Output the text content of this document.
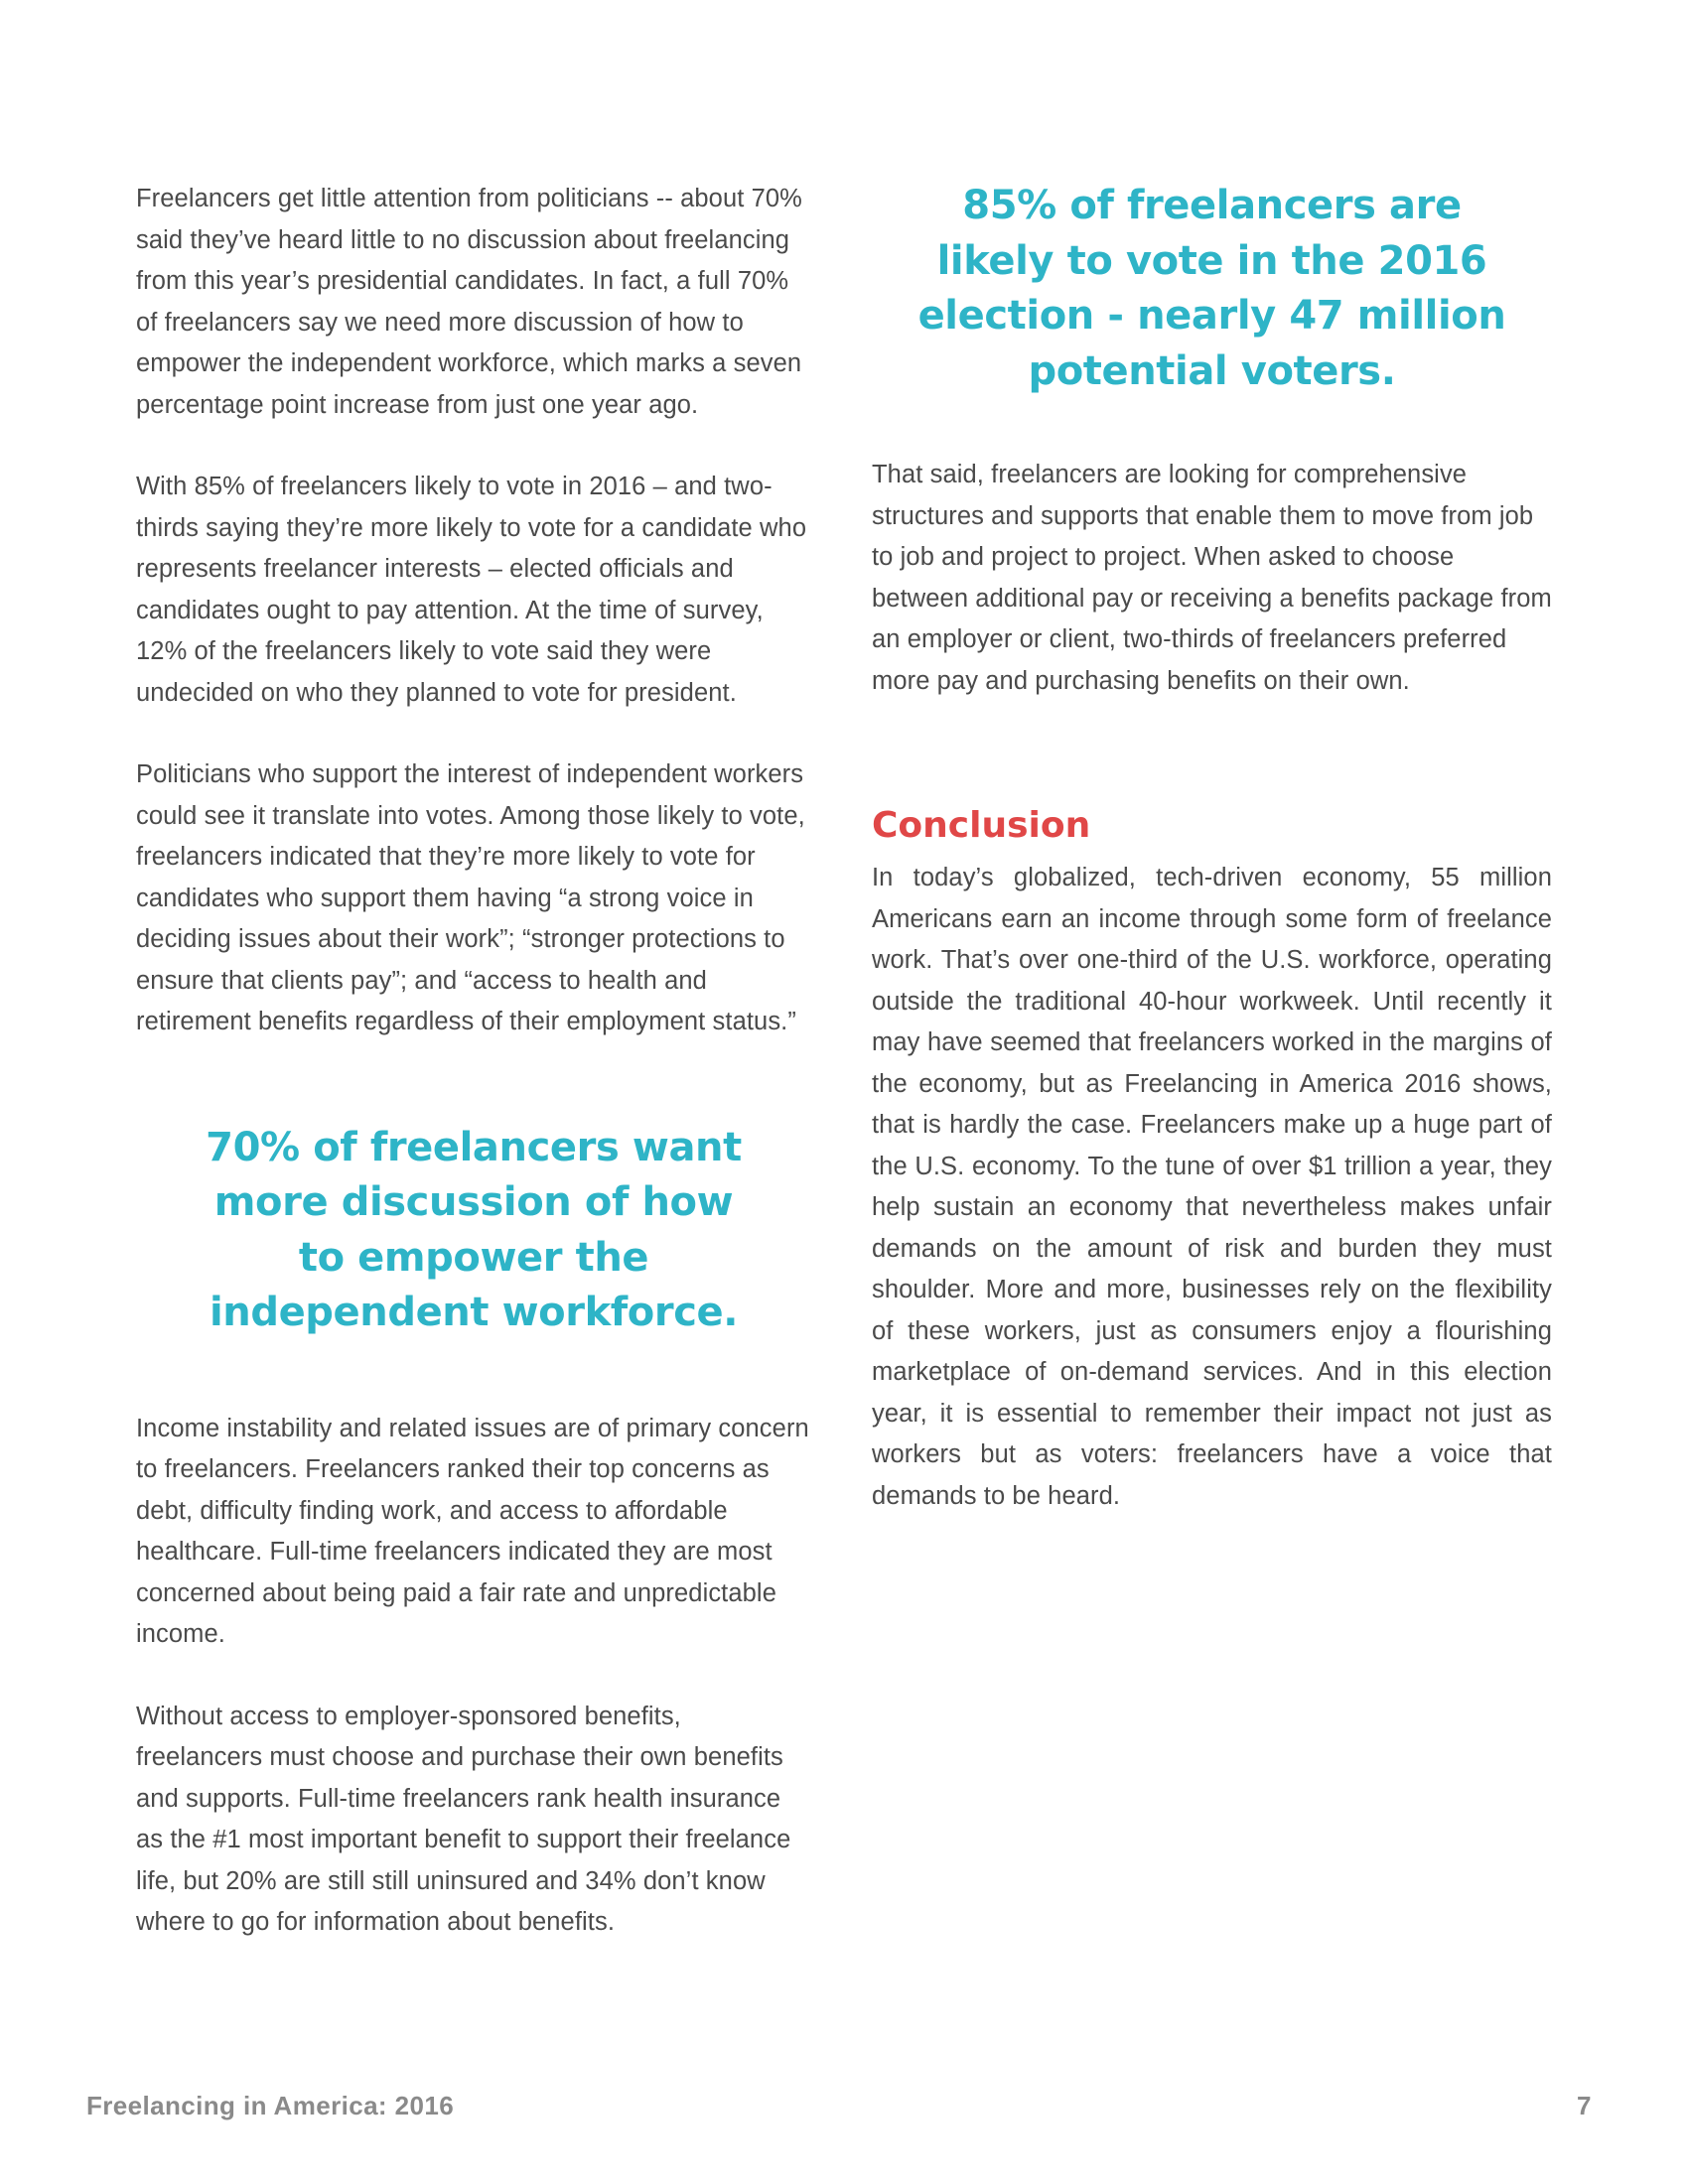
Freelancers get little attention from politicians -- about 70% said they’ve heard little to no discussion about freelancing from this year’s presidential candidates. In fact, a full 70% of freelancers say we need more discussion of how to empower the independent workforce, which marks a seven percentage point increase from just one year ago.

With 85% of freelancers likely to vote in 2016 – and two-thirds saying they’re more likely to vote for a candidate who represents freelancer interests – elected officials and candidates ought to pay attention. At the time of survey, 12% of the freelancers likely to vote said they were undecided on who they planned to vote for president.

Politicians who support the interest of independent workers could see it translate into votes. Among those likely to vote, freelancers indicated that they’re more likely to vote for candidates who support them having “a strong voice in deciding issues about their work”; “stronger protections to ensure that clients pay”; and “access to health and retirement benefits regardless of their employment status.”

70% of freelancers want more discussion of how to empower the independent workforce.

Income instability and related issues are of primary concern to freelancers. Freelancers ranked their top concerns as debt, difficulty finding work, and access to affordable healthcare. Full-time freelancers indicated they are most concerned about being paid a fair rate and unpredictable income.

Without access to employer-sponsored benefits, freelancers must choose and purchase their own benefits and supports. Full-time freelancers rank health insurance as the #1 most important benefit to support their freelance life, but 20% are still still uninsured and 34% don’t know where to go for information about benefits.

85% of freelancers are likely to vote in the 2016 election - nearly 47 million potential voters.

That said, freelancers are looking for comprehensive structures and supports that enable them to move from job to job and project to project. When asked to choose between additional pay or receiving a benefits package from an employer or client, two-thirds of freelancers preferred more pay and purchasing benefits on their own.

Conclusion

In today’s globalized, tech-driven economy, 55 million Americans earn an income through some form of freelance work. That’s over one-third of the U.S. workforce, operating outside the traditional 40-hour workweek. Until recently it may have seemed that freelancers worked in the margins of the economy, but as Freelancing in America 2016 shows, that is hardly the case. Freelancers make up a huge part of the U.S. economy. To the tune of over $1 trillion a year, they help sustain an economy that nevertheless makes unfair demands on the amount of risk and burden they must shoulder. More and more, businesses rely on the flexibility of these workers, just as consumers enjoy a flourishing marketplace of on-demand services. And in this election year, it is essential to remember their impact not just as workers but as voters: freelancers have a voice that demands to be heard.

Freelancing in America: 2016	7
